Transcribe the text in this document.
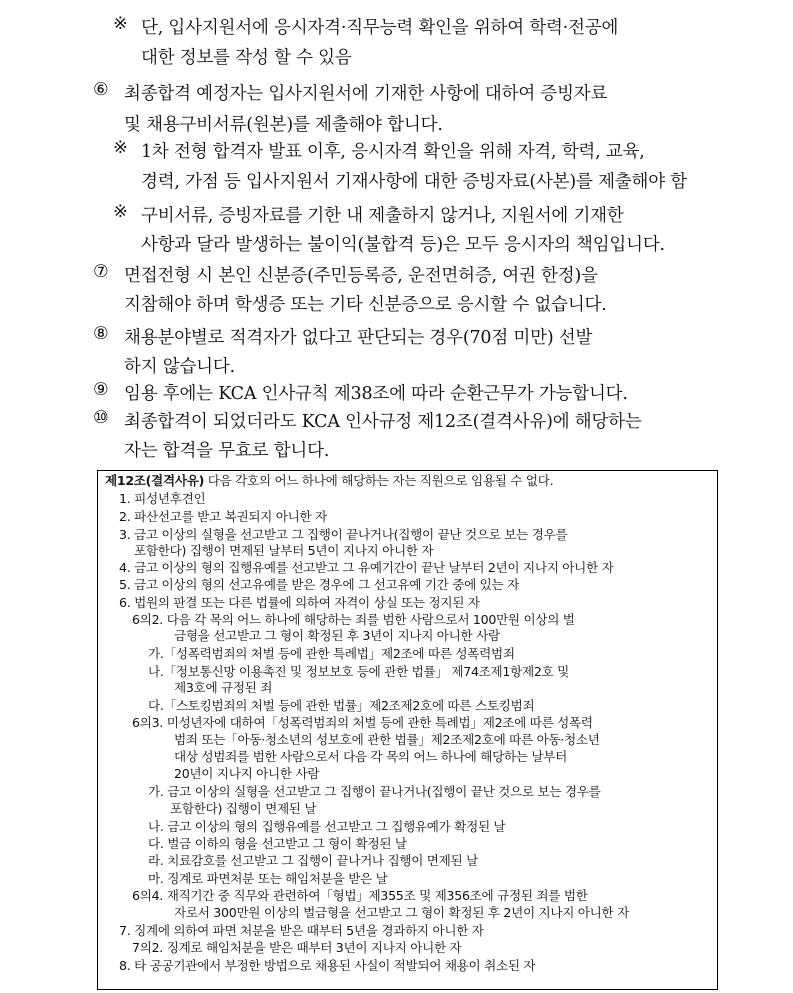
※ 단, 입사지원서에 응시자격·직무능력 확인을 위하여 학력·전공에
대한 정보를 작성 할 수 있음
⑥ 최종합격 예정자는 입사지원서에 기재한 사항에 대하여 증빙자료
및 채용구비서류(원본)를 제출해야 합니다.
※ 1차 전형 합격자 발표 이후, 응시자격 확인을 위해 자격, 학력, 교육,
경력, 가점 등 입사지원서 기재사항에 대한 증빙자료(사본)를 제출해야 함
※ 구비서류, 증빙자료를 기한 내 제출하지 않거나, 지원서에 기재한
사항과 달라 발생하는 불이익(불합격 등)은 모두 응시자의 책임입니다.
⑦ 면접전형 시 본인 신분증(주민등록증, 운전면허증, 여권 한정)을
지참해야 하며 학생증 또는 기타 신분증으로 응시할 수 없습니다.
⑧ 채용분야별로 적격자가 없다고 판단되는 경우(70점 미만) 선발
하지 않습니다.
⑨ 임용 후에는 KCA 인사규칙 제38조에 따라 순환근무가 가능합니다.
⑩ 최종합격이 되었더라도 KCA 인사규정 제12조(결격사유)에 해당하는
자는 합격을 무효로 합니다.
제12조(결격사유) 다음 각호의 어느 하나에 해당하는 자는 직원으로 임용될 수 없다.
1. 피성년후견인
2. 파산선고를 받고 복권되지 아니한 자
3. 금고 이상의 실형을 선고받고 그 집행이 끝나거나(집행이 끝난 것으로 보는 경우를
포함한다) 집행이 면제된 날부터 5년이 지나지 아니한 자
4. 금고 이상의 형의 집행유예를 선고받고 그 유예기간이 끝난 날부터 2년이 지나지 아니한 자
5. 금고 이상의 형의 선고유예를 받은 경우에 그 선고유예 기간 중에 있는 자
6. 법원의 판결 또는 다른 법률에 의하여 자격이 상실 또는 정지된 자
6의2. 다음 각 목의 어느 하나에 해당하는 죄를 범한 사람으로서 100만원 이상의 벌
금형을 선고받고 그 형이 확정된 후 3년이 지나지 아니한 사람
가.「성폭력범죄의 처벌 등에 관한 특례법」제2조에 따른 성폭력범죄
나.「정보통신망 이용촉진 및 정보보호 등에 관한 법률」 제74조제1항제2호 및
제3호에 규정된 죄
다.「스토킹범죄의 처벌 등에 관한 법률」제2조제2호에 따른 스토킹범죄
6의3. 미성년자에 대하여「성폭력범죄의 처벌 등에 관한 특례법」제2조에 따른 성폭력
범죄 또는「아동·청소년의 성보호에 관한 법률」제2조제2호에 따른 아동·청소년
대상 성범죄를 범한 사람으로서 다음 각 목의 어느 하나에 해당하는 날부터
20년이 지나지 아니한 사람
가. 금고 이상의 실형을 선고받고 그 집행이 끝나거나(집행이 끝난 것으로 보는 경우를
포함한다) 집행이 면제된 날
나. 금고 이상의 형의 집행유예를 선고받고 그 집행유예가 확정된 날
다. 벌금 이하의 형을 선고받고 그 형이 확정된 날
라. 치료감호를 선고받고 그 집행이 끝나거나 집행이 면제된 날
마. 징계로 파면처분 또는 해임처분을 받은 날
6의4. 재직기간 중 직무와 관련하여「형법」제355조 및 제356조에 규정된 죄를 범한
자로서 300만원 이상의 벌금형을 선고받고 그 형이 확정된 후 2년이 지나지 아니한 자
7. 징계에 의하여 파면 처분을 받은 때부터 5년을 경과하지 아니한 자
7의2. 징계로 해임처분을 받은 때부터 3년이 지나지 아니한 자
8. 타 공공기관에서 부정한 방법으로 채용된 사실이 적발되어 채용이 취소된 자
